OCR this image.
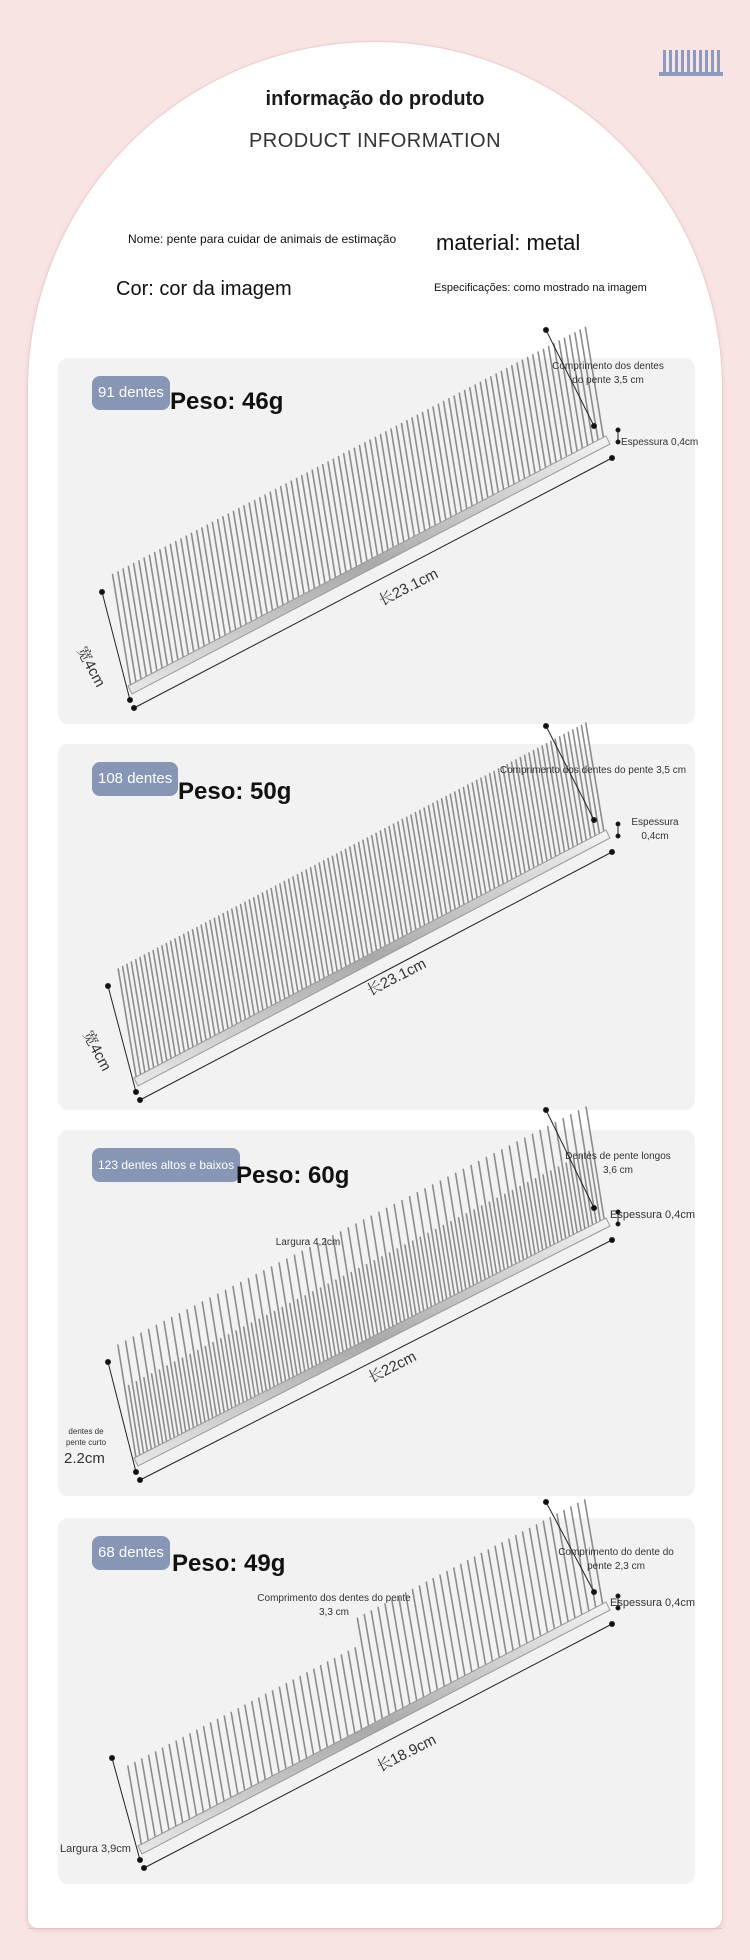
informação do produto
PRODUCT INFORMATION
Nome: pente para cuidar de animais de estimação material: metal
Cor: cor da imagem	Especificações: como mostrado na imagem
91 dentes Peso: 46g
Comprimento dos dentes do pente 3,5 cm
Espessura 0,4cm
长23.1cm
宽4cm
108 dentes Peso: 50g
Comprimento dos dentes do pente 3,5 cm
Espessura 0,4cm
长23.1cm
宽4cm
123 dentes altos e baixos Peso: 60g
Dentes de pente longos 3,6 cm
Espessura 0,4cm
Largura 4,2cm
长22cm
dentes de pente curto
2.2cm
68 dentes Peso: 49g	Comprimento do dente do pente 2,3 cm
Espessura 0,4cm
Comprimento dos dentes do pente 3,3 cm
长18.9cm
Largura 3,9cm
